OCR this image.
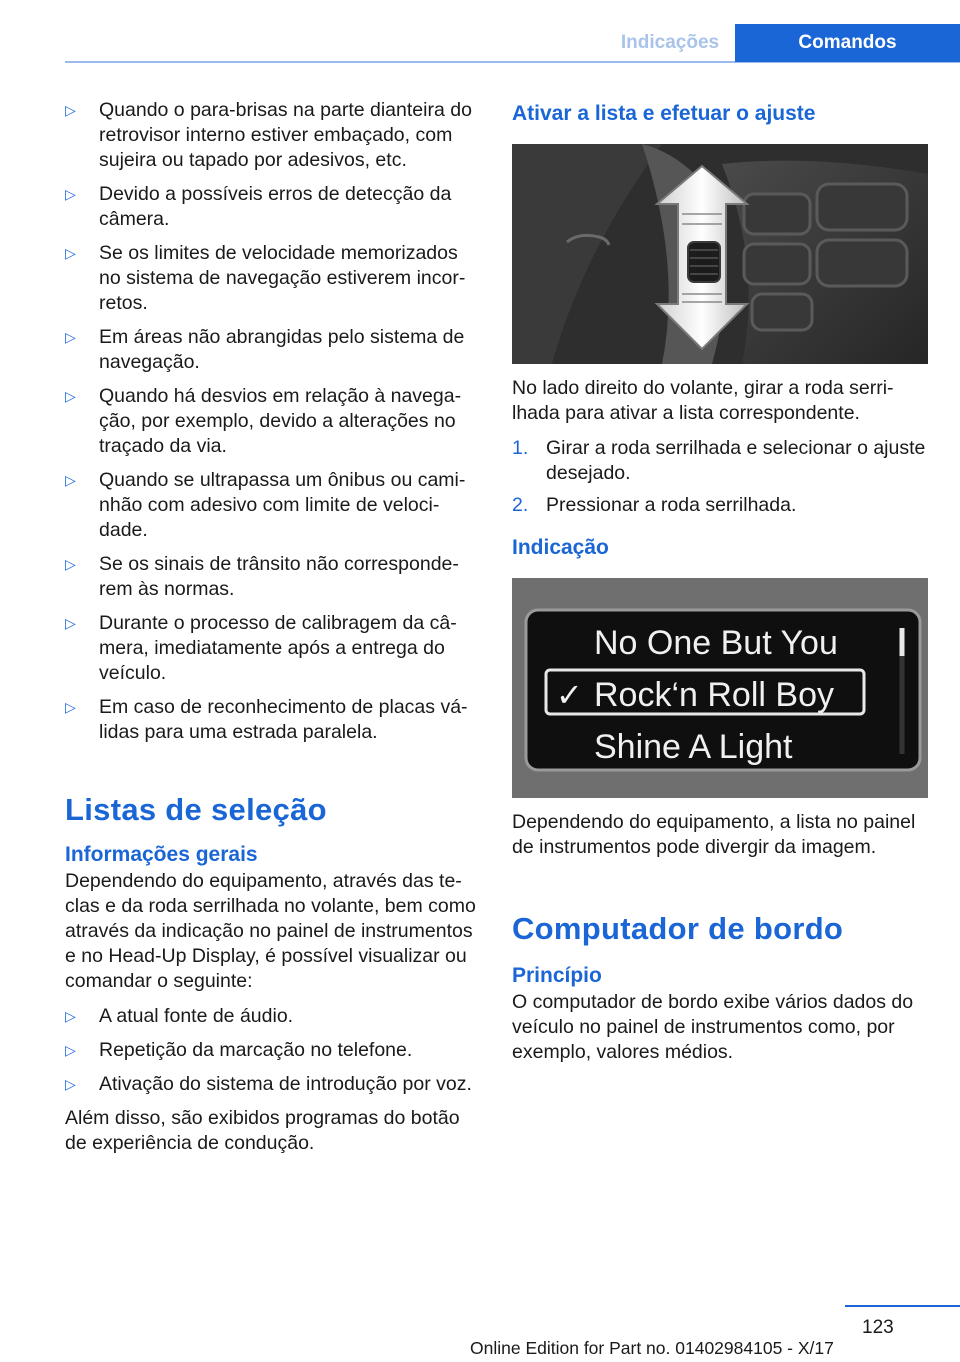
Indicações	Comandos
▷	Quando o para-brisas na parte dianteira do retrovisor interno estiver embaçado, com sujeira ou tapado por adesivos, etc.
▷	Devido a possíveis erros de detecção da câmera.
▷	Se os limites de velocidade memorizados no sistema de navegação estiverem incorretos.
▷	Em áreas não abrangidas pelo sistema de navegação.
▷	Quando há desvios em relação à navegação, por exemplo, devido a alterações no traçado da via.
▷	Quando se ultrapassa um ônibus ou caminhão com adesivo com limite de velocidade.
▷	Se os sinais de trânsito não corresponderem às normas.
▷	Durante o processo de calibragem da câmera, imediatamente após a entrega do veículo.
▷	Em caso de reconhecimento de placas válidas para uma estrada paralela.
Listas de seleção
Informações gerais

Dependendo do equipamento, através das teclas e da roda serrilhada no volante, bem como através da indicação no painel de instrumentos e no Head-Up Display, é possível visualizar ou comandar o seguinte:

▷	A atual fonte de áudio.
▷	Repetição da marcação no telefone.
▷	Ativação do sistema de introdução por voz.

Além disso, são exibidos programas do botão de experiência de condução.

Ativar a lista e efetuar o ajuste

No lado direito do volante, girar a roda serrilhada para ativar a lista correspondente.

1. Girar a roda serrilhada e selecionar o ajuste desejado.
2. Pressionar a roda serrilhada.
Indicação
No One But You
✓ Rock‘n Roll Boy
Shine A Light

Dependendo do equipamento, a lista no painel de instrumentos pode divergir da imagem.

Computador de bordo
Princípio

O computador de bordo exibe vários dados do veículo no painel de instrumentos como, por exemplo, valores médios.

123
Online Edition for Part no. 01402984105 - X/17
